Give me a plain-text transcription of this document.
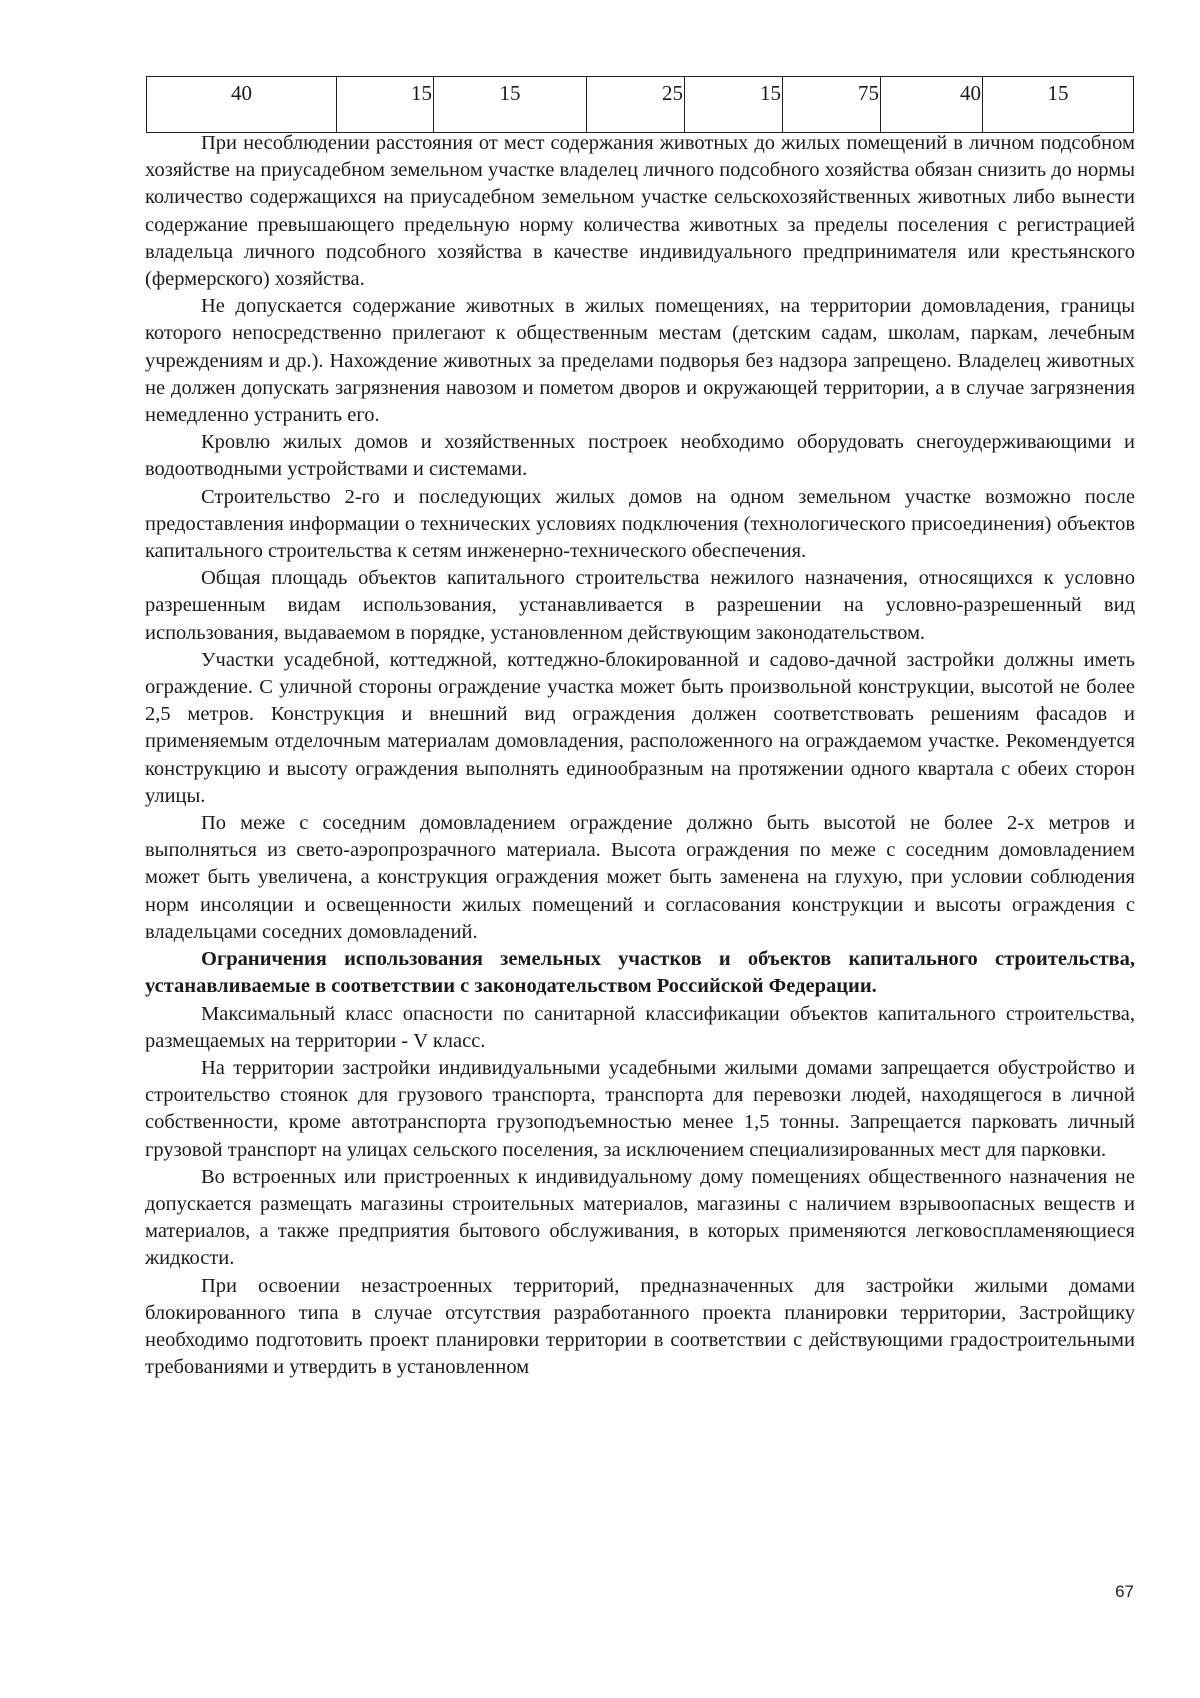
40	15	15	25	15	75	40	15

При несоблюдении расстояния от мест содержания животных до жилых помещений в личном подсобном хозяйстве на приусадебном земельном участке владелец личного подсобного хозяйства обязан снизить до нормы количество содержащихся на приусадебном земельном участке сельскохозяйственных животных либо вынести содержание превышающего предельную норму количества животных за пределы поселения с регистрацией владельца личного подсобного хозяйства в качестве индивидуального предпринимателя или крестьянского (фермерского) хозяйства.

Не допускается содержание животных в жилых помещениях, на территории домовладения, границы которого непосредственно прилегают к общественным местам (детским садам, школам, паркам, лечебным учреждениям и др.). Нахождение животных за пределами подворья без надзора запрещено. Владелец животных не должен допускать загрязнения навозом и пометом дворов и окружающей территории, а в случае загрязнения немедленно устранить его.

Кровлю жилых домов и хозяйственных построек необходимо оборудовать снегоудерживающими и водоотводными устройствами и системами.

Строительство 2-го и последующих жилых домов на одном земельном участке возможно после предоставления информации о технических условиях подключения (технологического присоединения) объектов капитального строительства к сетям инженерно-технического обеспечения.

Общая площадь объектов капитального строительства нежилого назначения, относящихся к условно разрешенным видам использования, устанавливается в разрешении на условно-разрешенный вид использования, выдаваемом в порядке, установленном действующим законодательством.

Участки усадебной, коттеджной, коттеджно-блокированной и садово-дачной застройки должны иметь ограждение. С уличной стороны ограждение участка может быть произвольной конструкции, высотой не более 2,5 метров. Конструкция и внешний вид ограждения должен соответствовать решениям фасадов и применяемым отделочным материалам домовладения, расположенного на ограждаемом участке. Рекомендуется конструкцию и высоту ограждения выполнять единообразным на протяжении одного квартала с обеих сторон улицы.

По меже с соседним домовладением ограждение должно быть высотой не более 2-х метров и выполняться из свето-аэропрозрачного материала. Высота ограждения по меже с соседним домовладением может быть увеличена, а конструкция ограждения может быть заменена на глухую, при условии соблюдения норм инсоляции и освещенности жилых помещений и согласования конструкции и высоты ограждения с владельцами соседних домовладений.

Ограничения использования земельных участков и объектов капитального строительства, устанавливаемые в соответствии с законодательством Российской Федерации.

Максимальный класс опасности по санитарной классификации объектов капитального строительства, размещаемых на территории - V класс.

На территории застройки индивидуальными усадебными жилыми домами запрещается обустройство и строительство стоянок для грузового транспорта, транспорта для перевозки людей, находящегося в личной собственности, кроме автотранспорта грузоподъемностью менее 1,5 тонны. Запрещается парковать личный грузовой транспорт на улицах сельского поселения, за исключением специализированных мест для парковки.

Во встроенных или пристроенных к индивидуальному дому помещениях общественного назначения не допускается размещать магазины строительных материалов, магазины с наличием взрывоопасных веществ и материалов, а также предприятия бытового обслуживания, в которых применяются легковоспламеняющиеся жидкости.

При освоении незастроенных территорий, предназначенных для застройки жилыми домами блокированного типа в случае отсутствия разработанного проекта планировки территории, Застройщику необходимо подготовить проект планировки территории в соответствии с действующими градостроительными требованиями и утвердить в установленном

67
